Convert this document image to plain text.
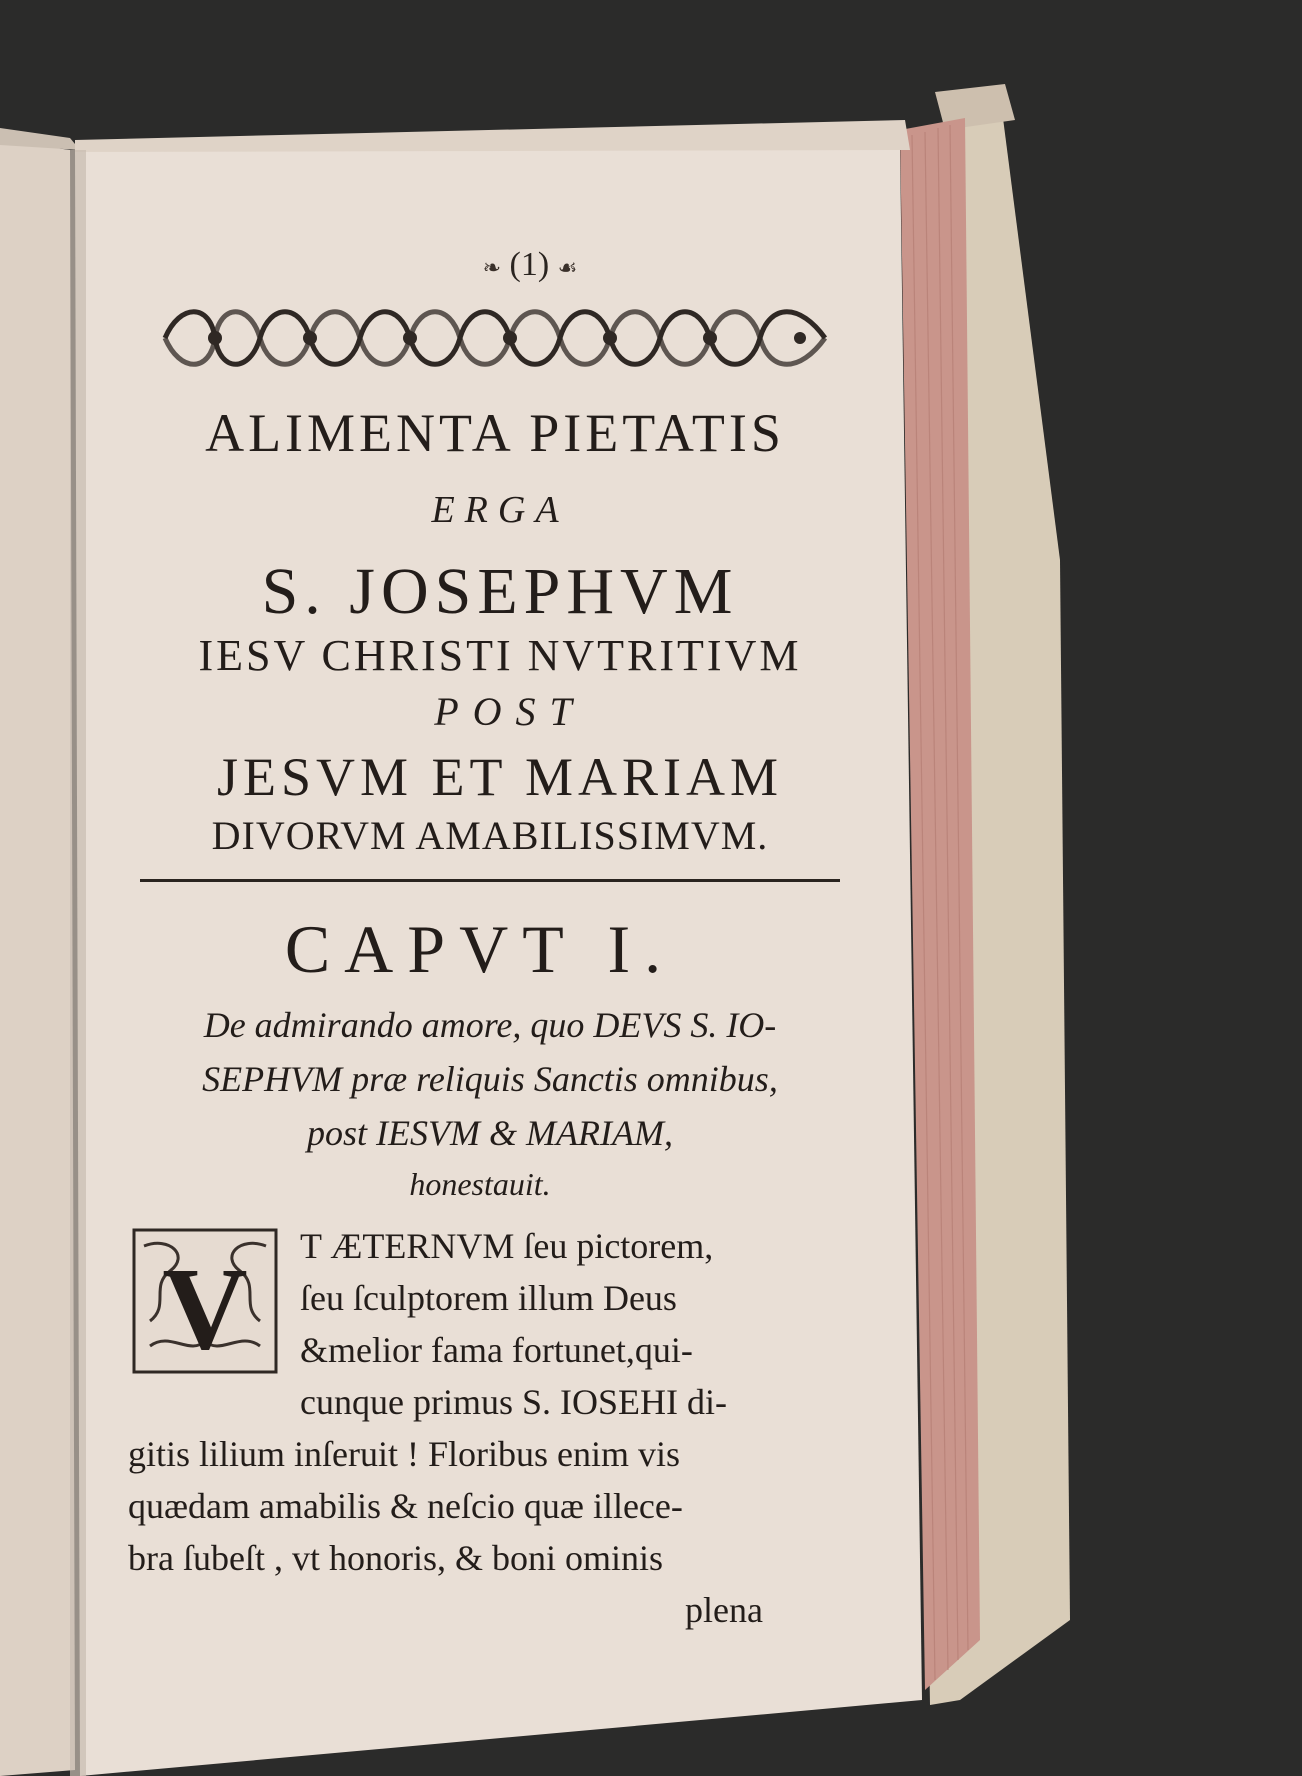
❧ (1) ☙
ALIMENTA PIETATIS
ERGA
S. JOSEPHVM
IESV CHRISTI NVTRITIVM
POST
JESVM ET MARIAM
DIVORVM AMABILISSIMVM.
CAPVT I.
De admirando amore, quo DEVS S. IO-
SEPHVM præ reliquis Sanctis omnibus,
post IESVM & MARIAM,
honestauit.
V T ÆTERNVM ſeu pictorem,
ſeu ſculptorem illum Deus
&melior fama fortunet,qui-
cunque primus S. IOSEHI di-
gitis lilium inſeruit ! Floribus enim vis
quædam amabilis & neſcio quæ illece-
bra ſubeſt , vt honoris, & boni ominis
plena
